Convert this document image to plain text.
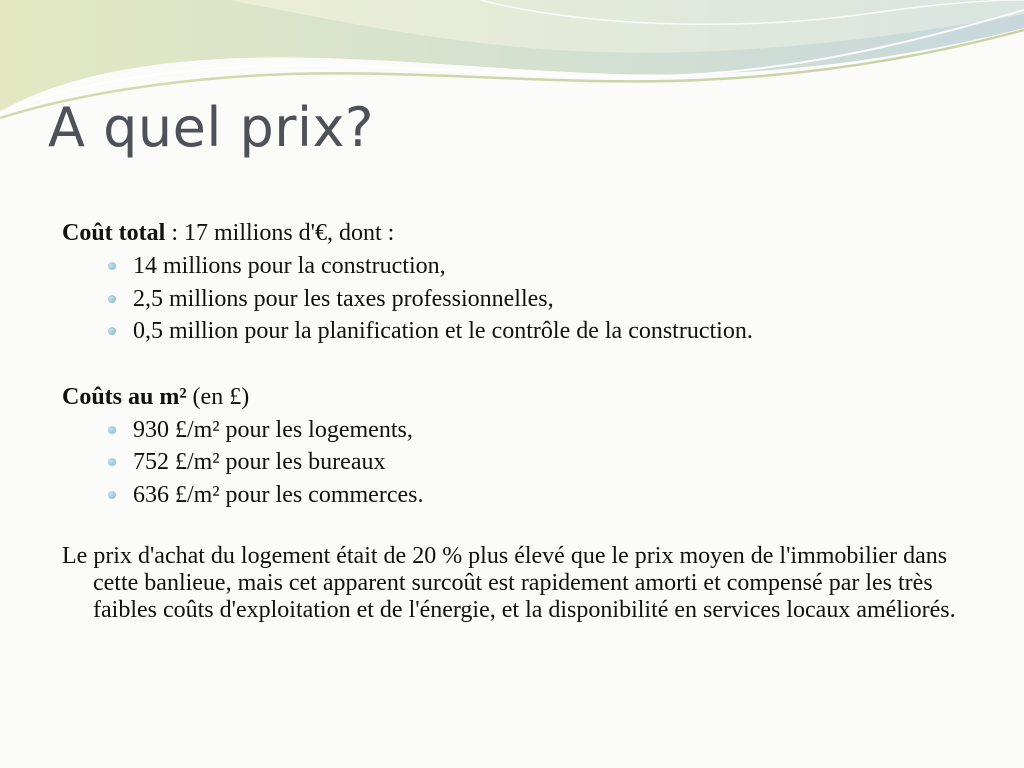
A quel prix?

Coût total : 17 millions d'€, dont :

14 millions pour la construction,
2,5 millions pour les taxes professionnelles,
0,5 million pour la planification et le contrôle de la construction.

Coûts au m² (en £)

930 £/m² pour les logements,
752 £/m² pour les bureaux
636 £/m² pour les commerces.

Le prix d'achat du logement était de 20 % plus élevé que le prix moyen de l'immobilier dans cette banlieue, mais cet apparent surcoût est rapidement amorti et compensé par les très faibles coûts d'exploitation et de l'énergie, et la disponibilité en services locaux améliorés.
